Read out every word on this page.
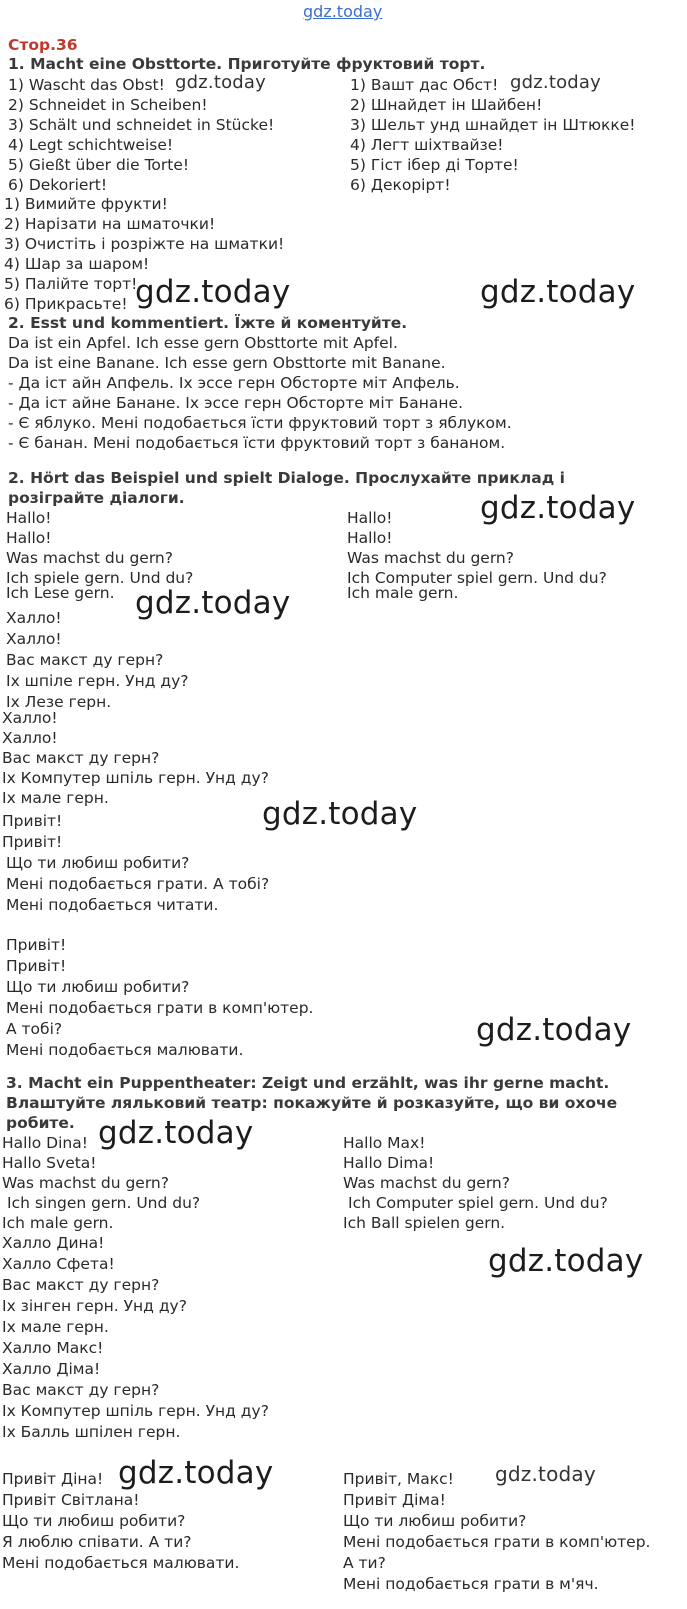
gdz.today
Стор.36
1. Macht eine Obsttorte. Приготуйте фруктовий торт.
1) Wascht das Obst!
2) Schneidet in Scheiben!
3) Schält und schneidet in Stücke!
4) Legt schichtweise!
5) Gießt über die Torte!
6) Dekoriert!
1) Вашт дас Обст!
2) Шнайдет ін Шайбен!
3) Шельт унд шнайдет ін Штюкке!
4) Легт шіхтвайзе!
5) Гіст ібер ді Торте!
6) Декорірт!
1) Вимийте фрукти!
2) Нарізати на шматочки!
3) Очистіть і розріжте на шматки!
4) Шар за шаром!
5) Палійте торт!
6) Прикрасьте!
2. Esst und kommentiert. Їжте й коментуйте.
Da ist ein Apfel. Ich esse gern Obsttorte mit Apfel.
Da ist eine Banane. Ich esse gern Obsttorte mit Banane.
- Да іст айн Апфель. Іх эссе герн Обсторте міт Апфель.
- Да іст айне Банане. Іх эссе герн Обсторте міт Банане.
- Є яблуко. Мені подобається їсти фруктовий торт з яблуком.
- Є банан. Мені подобається їсти фруктовий торт з бананом.
2. Hört das Beispiel und spielt Dialoge. Прослухайте приклад і
розіграйте діалоги.
Hallo!
Hallo!
Was machst du gern?
Ich spiele gern. Und du?
Ich Lese gern.
Hallo!
Hallo!
Was machst du gern?
Ich Computer spiel gern. Und du?
Ich male gern.
Халло!
Халло!
Вас макст ду герн?
Іх шпіле герн. Унд ду?
Іх Лезе герн.
Халло!
Халло!
Вас макст ду герн?
Іх Компутер шпіль герн. Унд ду?
Іх мале герн.
Привіт!
Привіт!
Що ти любиш робити?
Мені подобається грати. А тобі?
Мені подобається читати.
Привіт!
Привіт!
Що ти любиш робити?
Мені подобається грати в комп'ютер.
А тобі?
Мені подобається малювати.
3. Macht ein Puppentheater: Zeigt und erzählt, was ihr gerne macht.
Влаштуйте ляльковий театр: покажуйте й розказуйте, що ви охоче
робите.
Hallo Dina!
Hallo Sveta!
Was machst du gern?
Ich singen gern. Und du?
Ich male gern.
Hallo Max!
Hallo Dima!
Was machst du gern?
Ich Computer spiel gern. Und du?
Ich Ball spielen gern.
Халло Дина!
Халло Сфета!
Вас макст ду герн?
Іх зінген герн. Унд ду?
Іх мале герн.
Халло Макс!
Халло Діма!
Вас макст ду герн?
Іх Компутер шпіль герн. Унд ду?
Іх Балль шпілен герн.
Привіт Діна!
Привіт Світлана!
Що ти любиш робити?
Я люблю співати. А ти?
Мені подобається малювати.
Привіт, Макс!
Привіт Діма!
Що ти любиш робити?
Мені подобається грати в комп'ютер.
А ти?
Мені подобається грати в м'яч.
gdz.today	gdz.today
gdz.today	gdz.today
gdz.today
gdz.today
gdz.today
gdz.today
gdz.today
gdz.today
gdz.today	gdz.today
